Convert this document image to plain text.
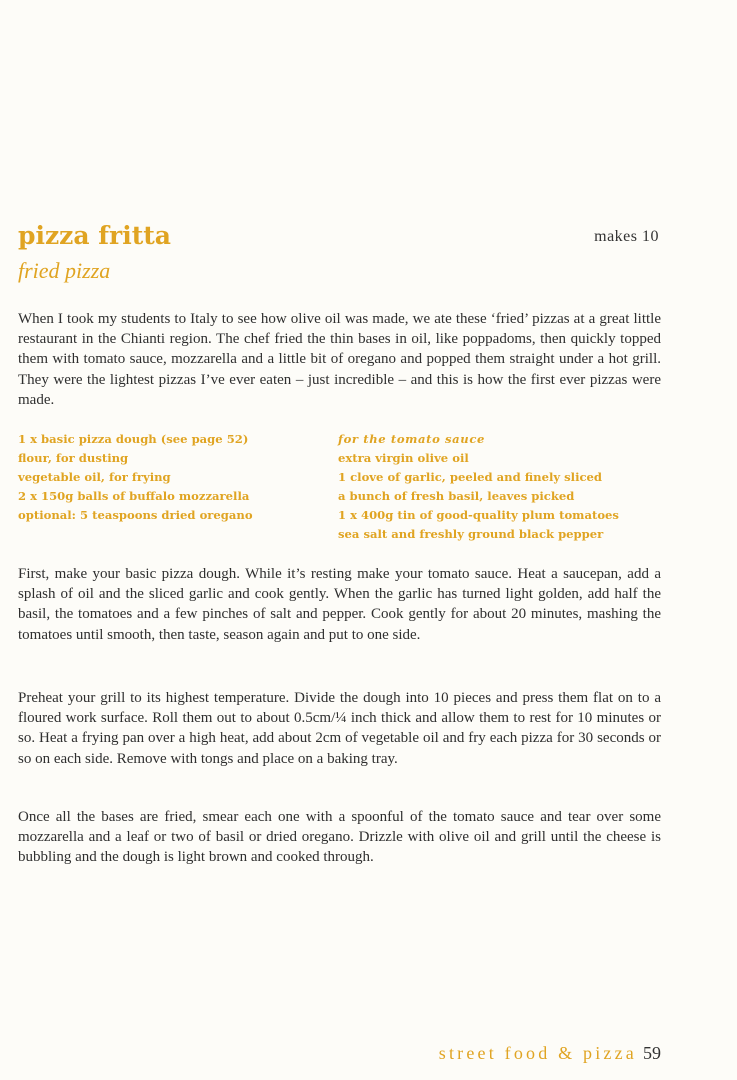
pizza fritta	makes 10
fried pizza

When I took my students to Italy to see how olive oil was made, we ate these ‘fried’ pizzas at a great little restaurant in the Chianti region. The chef fried the thin bases in oil, like poppadoms, then quickly topped them with tomato sauce, mozzarella and a little bit of oregano and popped them straight under a hot grill. They were the lightest pizzas I’ve ever eaten – just incredible – and this is how the first ever pizzas were made.

1 x basic pizza dough (see page 52)
flour, for dusting
vegetable oil, for frying
2 x 150g balls of buffalo mozzarella
optional: 5 teaspoons dried oregano
for the tomato sauce
extra virgin olive oil
1 clove of garlic, peeled and finely sliced
a bunch of fresh basil, leaves picked
1 x 400g tin of good-quality plum tomatoes
sea salt and freshly ground black pepper

First, make your basic pizza dough. While it’s resting make your tomato sauce. Heat a saucepan, add a splash of oil and the sliced garlic and cook gently. When the garlic has turned light golden, add half the basil, the tomatoes and a few pinches of salt and pepper. Cook gently for about 20 minutes, mashing the tomatoes until smooth, then taste, season again and put to one side.

Preheat your grill to its highest temperature. Divide the dough into 10 pieces and press them flat on to a floured work surface. Roll them out to about 0.5cm/¼ inch thick and allow them to rest for 10 minutes or so. Heat a frying pan over a high heat, add about 2cm of vegetable oil and fry each pizza for 30 seconds or so on each side. Remove with tongs and place on a baking tray.

Once all the bases are fried, smear each one with a spoonful of the tomato sauce and tear over some mozzarella and a leaf or two of basil or dried oregano. Drizzle with olive oil and grill until the cheese is bubbling and the dough is light brown and cooked through.

street food & pizza 59
